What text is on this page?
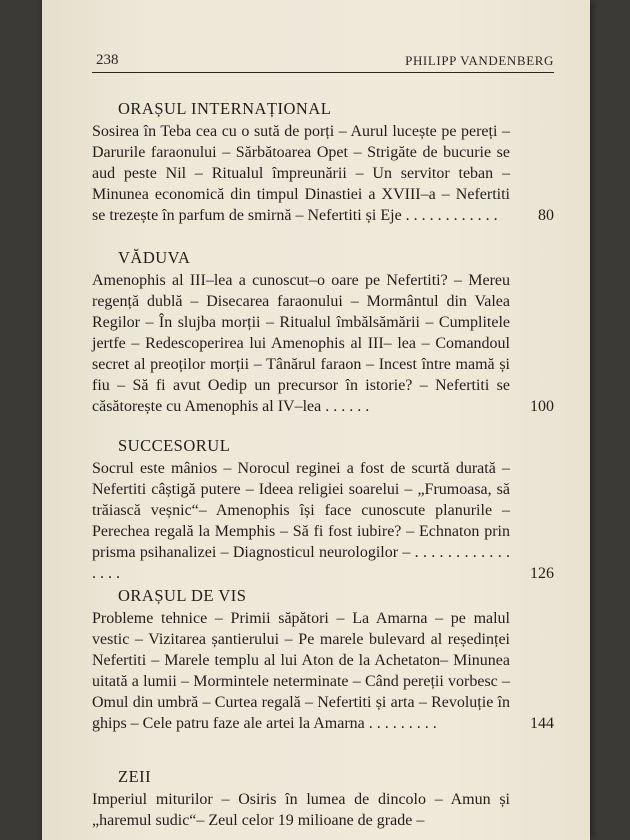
238	PHILIPP VANDENBERG
ORAȘUL INTERNAȚIONAL
Sosirea în Teba cea cu o sută de porți – Aurul lucește pe pereți – Darurile faraonului – Sărbătoarea Opet – Strigăte de bucurie se aud peste Nil – Ritualul împreunării – Un servitor teban – Minunea economică din timpul Dinastiei a XVIII–a – Nefertiti se trezește în parfum de smirnă – Nefertiti și Eje . . . . . . . . . . . .	80
VĂDUVA
Amenophis al III–lea a cunoscut–o oare pe Nefertiti? – Mereu regență dublă – Disecarea faraonului – Mormântul din Valea Regilor – În slujba morții – Ritualul îmbălsămării – Cumplitele jertfe – Redescoperirea lui Amenophis al III– lea – Comandoul secret al preoților morții – Tânărul faraon – Incest între mamă și fiu – Să fi avut Oedip un precursor în istorie? – Nefertiti se căsătorește cu Amenophis al IV–lea . . . . . .	100
SUCCESORUL
Socrul este mânios – Norocul reginei a fost de scurtă durată – Nefertiti câștigă putere – Ideea religiei soarelui – „Frumoasa, să trăiască veșnic“– Amenophis își face cunoscute planurile – Perechea regală la Memphis – Să fi fost iubire? – Echnaton prin prisma psihanalizei – Diagnosticul neurologilor – . . . . . . . . . . . . . . . .	126
ORAȘUL DE VIS
Probleme tehnice – Primii săpători – La Amarna – pe malul vestic – Vizitarea șantierului – Pe marele bulevard al reședinței Nefertiti – Marele templu al lui Aton de la Achetaton– Minunea uitată a lumii – Mormintele neterminate – Când pereții vorbesc – Omul din umbră – Curtea regală – Nefertiti și arta – Revoluție în ghips – Cele patru faze ale artei la Amarna . . . . . . . . .	144
ZEII
Imperiul miturilor – Osiris în lumea de dincolo – Amun și „haremul sudic“– Zeul celor 19 milioane de grade –
